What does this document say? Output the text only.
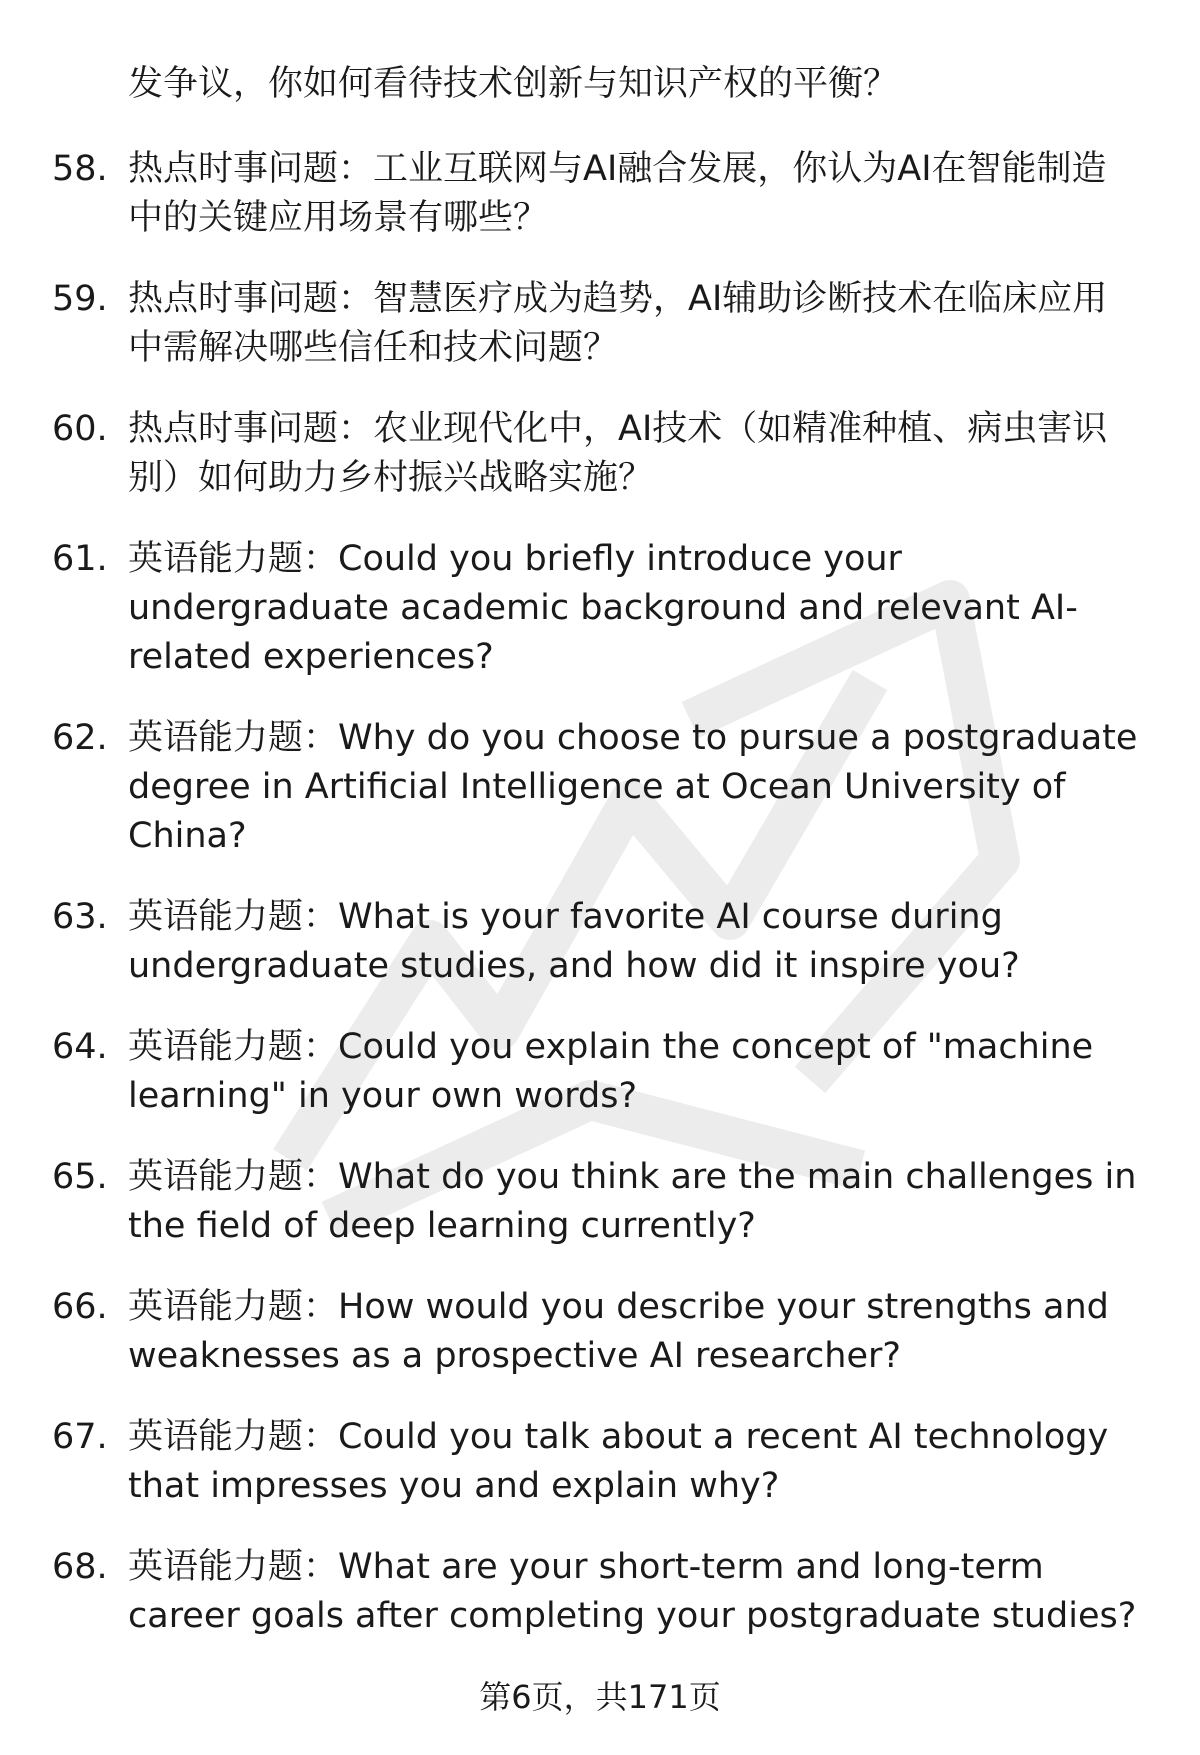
发争议，你如何看待技术创新与知识产权的平衡？
58. 热点时事问题：工业互联网与AI融合发展，你认为AI在智能制造中的关键应用场景有哪些？
59. 热点时事问题：智慧医疗成为趋势，AI辅助诊断技术在临床应用中需解决哪些信任和技术问题？
60. 热点时事问题：农业现代化中，AI技术（如精准种植、病虫害识别）如何助力乡村振兴战略实施？
61. 英语能力题：Could you briefly introduce your undergraduate academic background and relevant AI-related experiences?
62. 英语能力题：Why do you choose to pursue a postgraduate degree in Artificial Intelligence at Ocean University of China?
63. 英语能力题：What is your favorite AI course during undergraduate studies, and how did it inspire you?
64. 英语能力题：Could you explain the concept of "machine learning" in your own words?
65. 英语能力题：What do you think are the main challenges in the field of deep learning currently?
66. 英语能力题：How would you describe your strengths and weaknesses as a prospective AI researcher?
67. 英语能力题：Could you talk about a recent AI technology that impresses you and explain why?
68. 英语能力题：What are your short-term and long-term career goals after completing your postgraduate studies?
第6页，共171页
